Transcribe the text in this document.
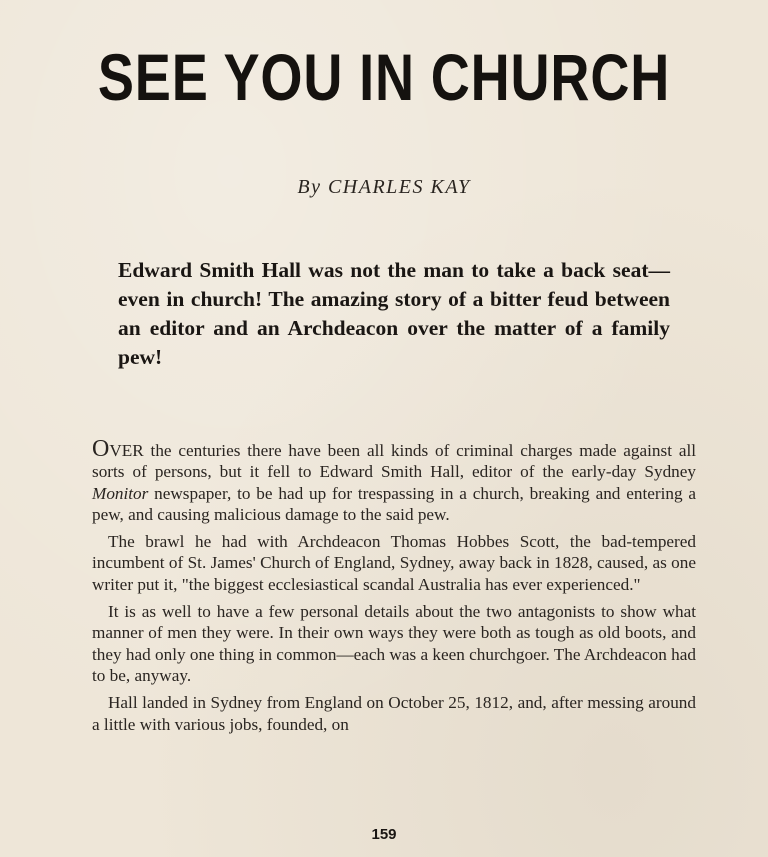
SEE YOU IN CHURCH
By CHARLES KAY
Edward Smith Hall was not the man to take a back seat—even in church! The amazing story of a bitter feud between an editor and an Archdeacon over the matter of a family pew!

OVER the centuries there have been all kinds of criminal charges made against all sorts of persons, but it fell to Edward Smith Hall, editor of the early-day Sydney Monitor newspaper, to be had up for trespassing in a church, breaking and entering a pew, and causing malicious damage to the said pew.

The brawl he had with Archdeacon Thomas Hobbes Scott, the bad-tempered incumbent of St. James' Church of England, Sydney, away back in 1828, caused, as one writer put it, "the biggest ecclesiastical scandal Australia has ever experienced."

It is as well to have a few personal details about the two antagonists to show what manner of men they were. In their own ways they were both as tough as old boots, and they had only one thing in common—each was a keen churchgoer. The Archdeacon had to be, anyway.

Hall landed in Sydney from England on October 25, 1812, and, after messing around a little with various jobs, founded, on

159
